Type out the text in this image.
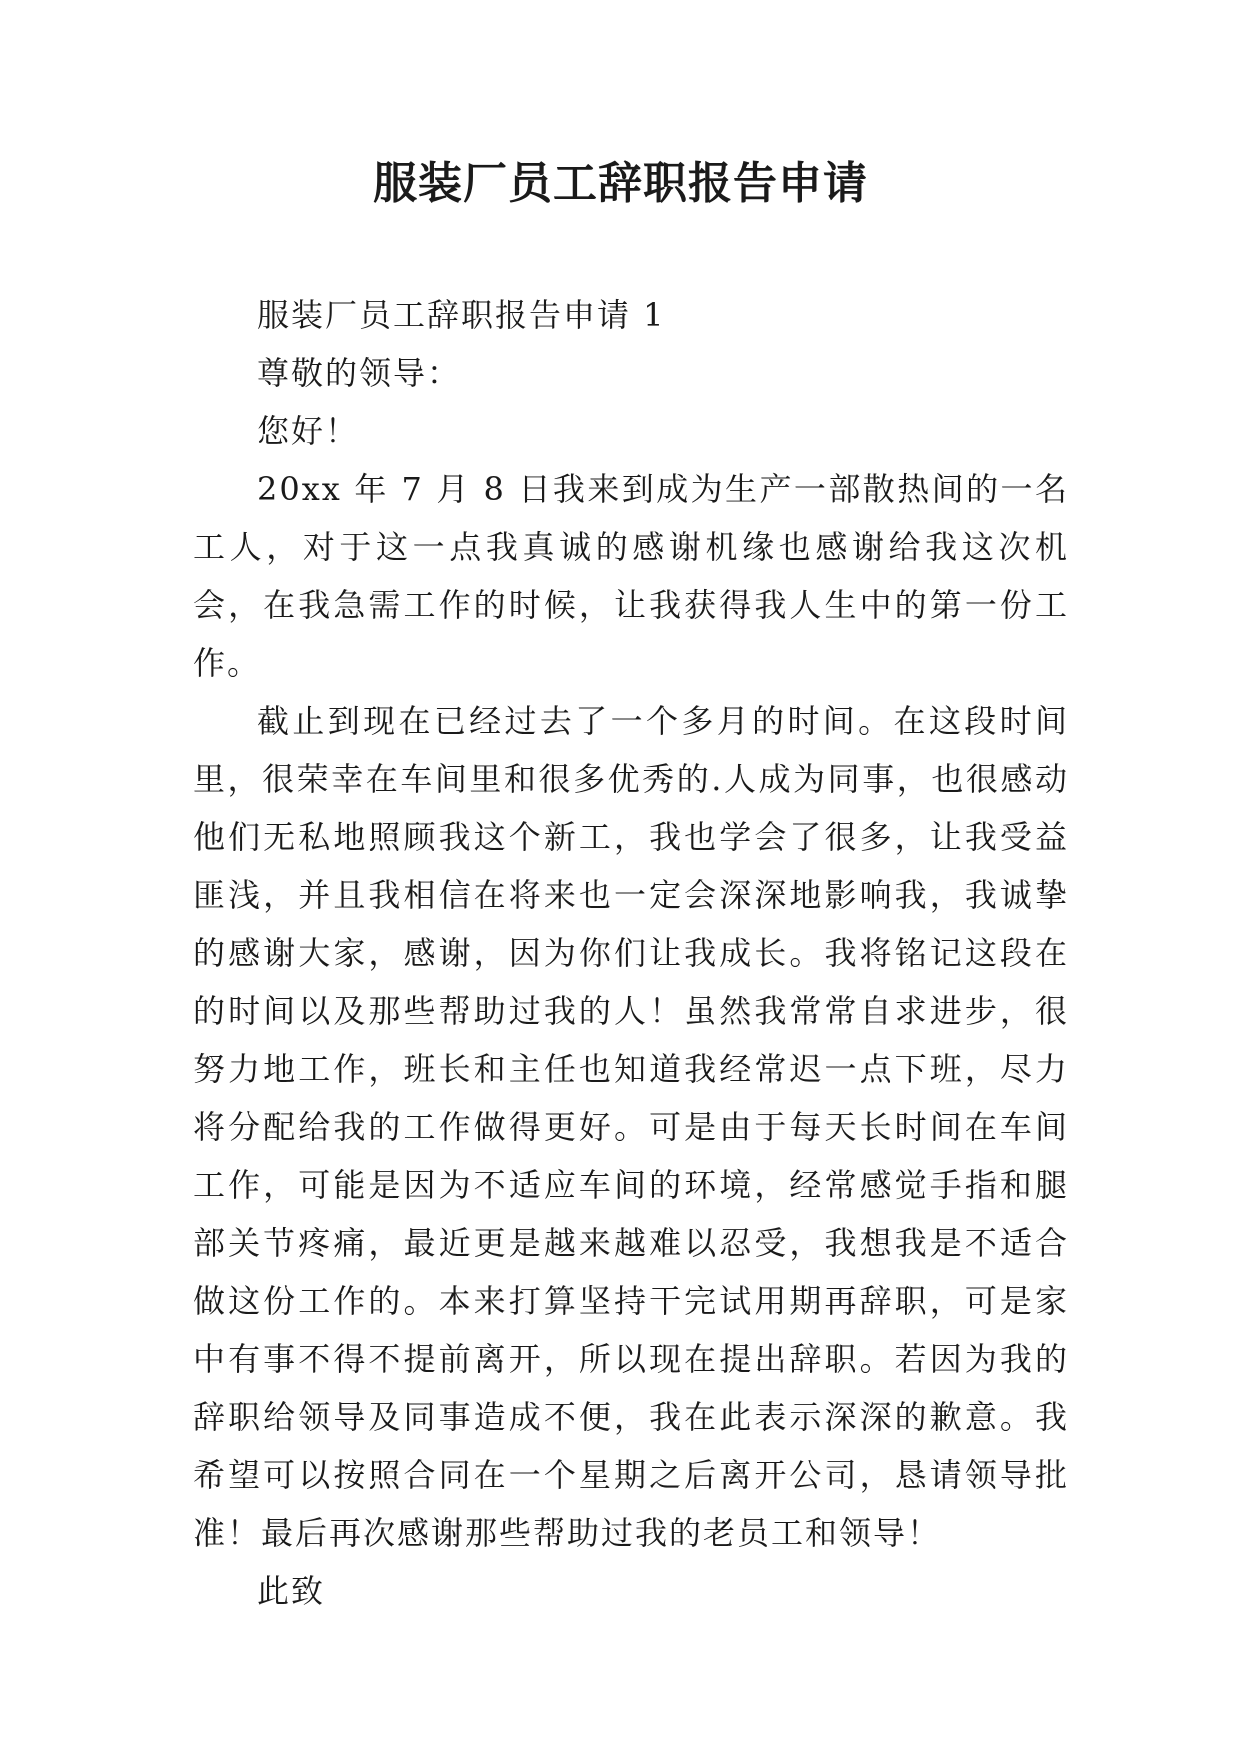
服装厂员工辞职报告申请

服装厂员工辞职报告申请 1

尊敬的领导：

您好！

20xx 年 7 月 8 日我来到成为生产一部散热间的一名工人，对于这一点我真诚的感谢机缘也感谢给我这次机会，在我急需工作的时候，让我获得我人生中的第一份工作。

截止到现在已经过去了一个多月的时间。在这段时间里，很荣幸在车间里和很多优秀的.人成为同事，也很感动他们无私地照顾我这个新工，我也学会了很多，让我受益匪浅，并且我相信在将来也一定会深深地影响我，我诚挚的感谢大家，感谢，因为你们让我成长。我将铭记这段在的时间以及那些帮助过我的人！虽然我常常自求进步，很努力地工作，班长和主任也知道我经常迟一点下班，尽力将分配给我的工作做得更好。可是由于每天长时间在车间工作，可能是因为不适应车间的环境，经常感觉手指和腿部关节疼痛，最近更是越来越难以忍受，我想我是不适合做这份工作的。本来打算坚持干完试用期再辞职，可是家中有事不得不提前离开，所以现在提出辞职。若因为我的辞职给领导及同事造成不便，我在此表示深深的歉意。我希望可以按照合同在一个星期之后离开公司，恳请领导批准！最后再次感谢那些帮助过我的老员工和领导！

此致
